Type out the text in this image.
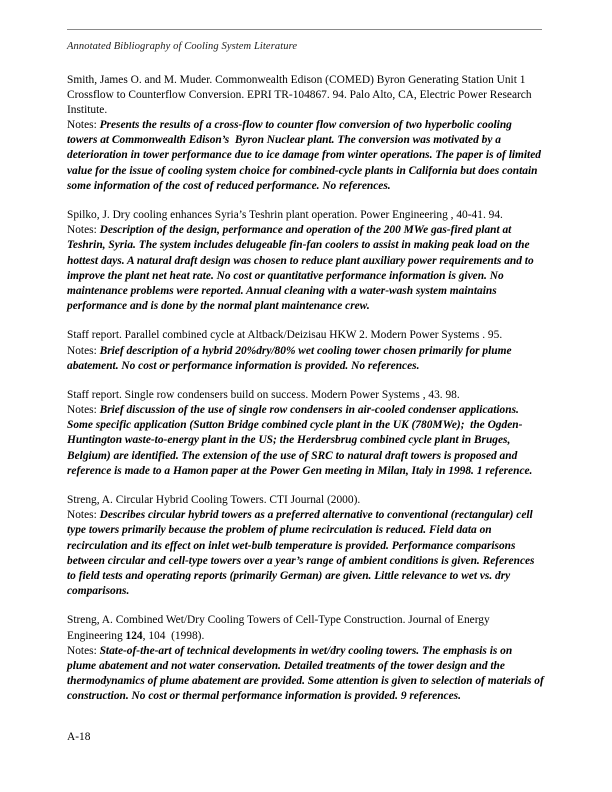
Annotated Bibliography of Cooling System Literature

Smith, James O. and M. Muder. Commonwealth Edison (COMED) Byron Generating Station Unit 1 Crossflow to Counterflow Conversion. EPRI TR-104867. 94. Palo Alto, CA, Electric Power Research Institute.
Notes: Presents the results of a cross-flow to counter flow conversion of two hyperbolic cooling towers at Commonwealth Edison’s  Byron Nuclear plant. The conversion was motivated by a deterioration in tower performance due to ice damage from winter operations. The paper is of limited value for the issue of cooling system choice for combined-cycle plants in California but does contain some information of the cost of reduced performance. No references.

Spilko, J. Dry cooling enhances Syria’s Teshrin plant operation. Power Engineering , 40-41. 94.
Notes: Description of the design, performance and operation of the 200 MWe gas-fired plant at Teshrin, Syria. The system includes delugeable fin-fan coolers to assist in making peak load on the hottest days. A natural draft design was chosen to reduce plant auxiliary power requirements and to improve the plant net heat rate. No cost or quantitative performance information is given. No maintenance problems were reported. Annual cleaning with a water-wash system maintains performance and is done by the normal plant maintenance crew.

Staff report. Parallel combined cycle at Altback/Deizisau HKW 2. Modern Power Systems . 95.
Notes: Brief description of a hybrid 20%dry/80% wet cooling tower chosen primarily for plume abatement. No cost or performance information is provided. No references.

Staff report. Single row condensers build on success. Modern Power Systems , 43. 98.
Notes: Brief discussion of the use of single row condensers in air-cooled condenser applications. Some specific application (Sutton Bridge combined cycle plant in the UK (780MWe);  the Ogden-Huntington waste-to-energy plant in the US; the Herdersbrug combined cycle plant in Bruges, Belgium) are identified. The extension of the use of SRC to natural draft towers is proposed and reference is made to a Hamon paper at the Power Gen meeting in Milan, Italy in 1998. 1 reference.

Streng, A. Circular Hybrid Cooling Towers. CTI Journal (2000).
Notes: Describes circular hybrid towers as a preferred alternative to conventional (rectangular) cell type towers primarily because the problem of plume recirculation is reduced. Field data on recirculation and its effect on inlet wet-bulb temperature is provided. Performance comparisons between circular and cell-type towers over a year’s range of ambient conditions is given. References to field tests and operating reports (primarily German) are given. Little relevance to wet vs. dry comparisons.

Streng, A. Combined Wet/Dry Cooling Towers of Cell-Type Construction. Journal of Energy Engineering 124, 104  (1998).
Notes: State-of-the-art of technical developments in wet/dry cooling towers. The emphasis is on plume abatement and not water conservation. Detailed treatments of the tower design and the thermodynamics of plume abatement are provided. Some attention is given to selection of materials of construction. No cost or thermal performance information is provided. 9 references.

A-18
